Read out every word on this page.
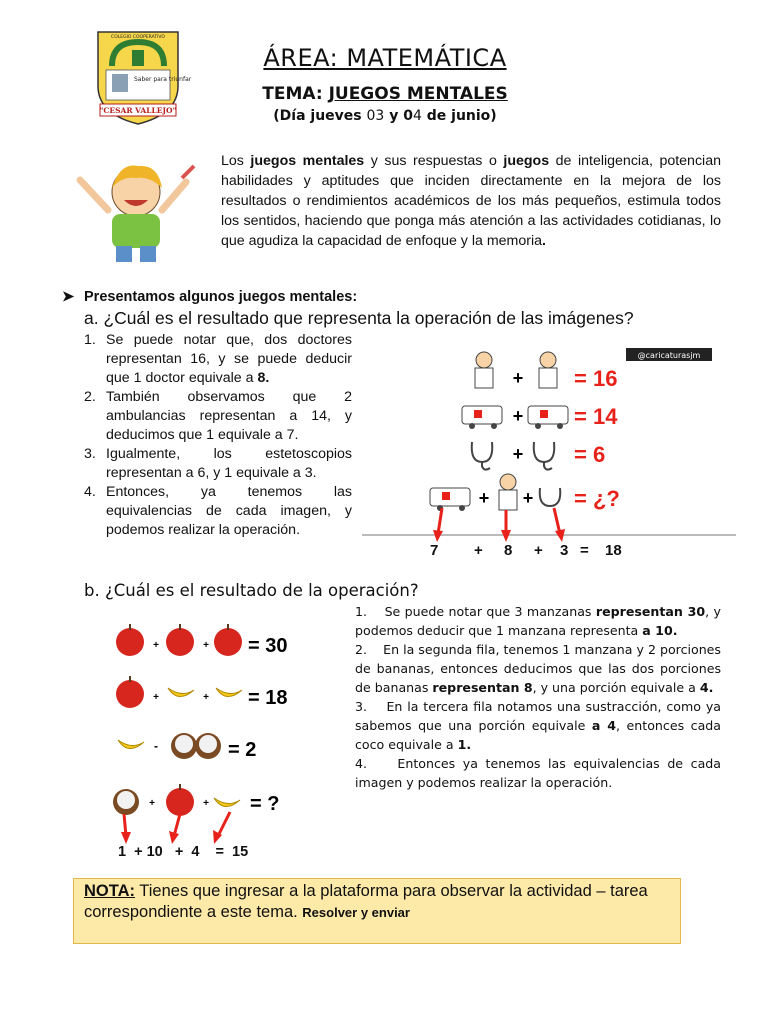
Saber para triunfar
"CESAR VALLEJO"
COLEGIO COOPERATIVO
ÁREA: MATEMÁTICA
TEMA: JUEGOS MENTALES
(Día jueves 03 y 04 de junio)
Los juegos mentales y sus respuestas o juegos de inteligencia, potencian habilidades y aptitudes que inciden directamente en la mejora de los resultados o rendimientos académicos de los más pequeños, estimula todos los sentidos, haciendo que ponga más atención a las actividades cotidianas, lo que agudiza la capacidad de enfoque y la memoria.
➤ Presentamos algunos juegos mentales:
a. ¿Cuál es el resultado que representa la operación de las imágenes?
1. Se puede notar que, dos doctores representan 16, y se puede deducir que 1 doctor equivale a 8.
2. También observamos que 2 ambulancias representan a 14, y deducimos que 1 equivale a 7.
3. Igualmente, los estetoscopios representan a 6, y 1 equivale a 3.
4. Entonces, ya tenemos las equivalencias de cada imagen, y podemos realizar la operación.
@caricaturasjm
+ = 16
+ = 14
+ = 6
+ + = ¿?
7 + 8 + 3 = 18
b. ¿Cuál es el resultado de la operación?
+	+ = 30
+	+ = 18
-	= 2
+	+ = ?
1  + 10   +  4    =  15

1. Se puede notar que 3 manzanas representan 30, y podemos deducir que 1 manzana representa a 10.

2. En la segunda fila, tenemos 1 manzana y 2 porciones de bananas, entonces deducimos que las dos porciones de bananas representan 8, y una porción equivale a 4.

3. En la tercera fila notamos una sustracción, como ya sabemos que una porción equivale a 4, entonces cada coco equivale a 1.

4. Entonces ya tenemos las equivalencias de cada imagen y podemos realizar la operación.

NOTA: Tienes que ingresar a la plataforma para observar la actividad – tarea correspondiente a este tema. Resolver y enviar
